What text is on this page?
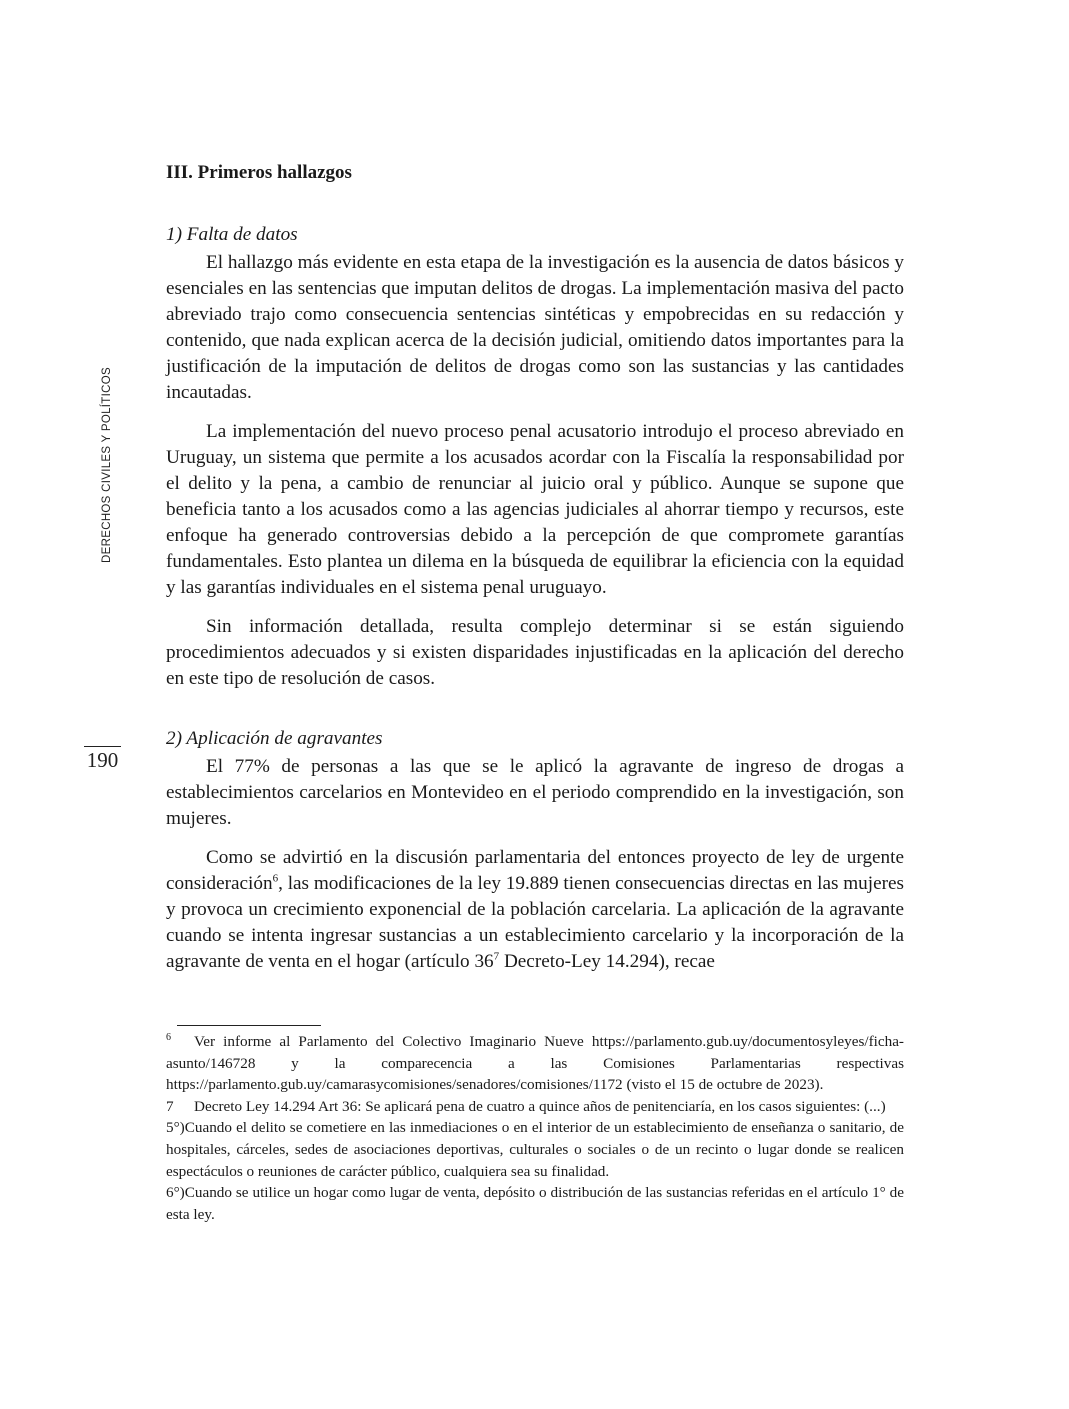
DERECHOS CIVILES Y POLÍTICOS
190

III. Primeros hallazgos

1) Falta de datos

El hallazgo más evidente en esta etapa de la investigación es la ausencia de datos básicos y esenciales en las sentencias que imputan delitos de drogas. La implementación masiva del pacto abreviado trajo como consecuencia sentencias sintéticas y empobrecidas en su redacción y contenido, que nada explican acerca de la decisión judicial, omitiendo datos importantes para la justificación de la imputación de delitos de drogas como son las sustancias y las cantidades incautadas.

La implementación del nuevo proceso penal acusatorio introdujo el proceso abreviado en Uruguay, un sistema que permite a los acusados acordar con la Fiscalía la responsabilidad por el delito y la pena, a cambio de renunciar al juicio oral y público. Aunque se supone que beneficia tanto a los acusados como a las agencias judiciales al ahorrar tiempo y recursos, este enfoque ha generado controversias debido a la percepción de que compromete garantías fundamentales. Esto plantea un dilema en la búsqueda de equilibrar la eficiencia con la equidad y las garantías individuales en el sistema penal uruguayo.

Sin información detallada, resulta complejo determinar si se están siguiendo procedimientos adecuados y si existen disparidades injustificadas en la aplicación del derecho en este tipo de resolución de casos.

2) Aplicación de agravantes

El 77% de personas a las que se le aplicó la agravante de ingreso de drogas a establecimientos carcelarios en Montevideo en el periodo comprendido en la investigación, son mujeres.

Como se advirtió en la discusión parlamentaria del entonces proyecto de ley de urgente consideración$^6$, las modificaciones de la ley 19.889 tienen consecuencias directas en las mujeres y provoca un crecimiento exponencial de la población carcelaria. La aplicación de la agravante cuando se intenta ingresar sustancias a un establecimiento carcelario y la incorporación de la agravante de venta en el hogar (artículo $36^7$ Decreto-Ley 14.294), recae

6 Ver informe al Parlamento del Colectivo Imaginario Nueve https://parlamento.gub.uy/documentosyleyes/ficha-asunto/146728 y la comparecencia a las Comisiones Parlamentarias respectivas https://parlamento.gub.uy/camarasycomisiones/senadores/comisiones/1172 (visto el 15 de octubre de 2023).

7 Decreto Ley 14.294 Art 36: Se aplicará pena de cuatro a quince años de penitenciaría, en los casos siguientes: (...)

5°)Cuando el delito se cometiere en las inmediaciones o en el interior de un establecimiento de enseñanza o sanitario, de hospitales, cárceles, sedes de asociaciones deportivas, culturales o sociales o de un recinto o lugar donde se realicen espectáculos o reuniones de carácter público, cualquiera sea su finalidad.

6°)Cuando se utilice un hogar como lugar de venta, depósito o distribución de las sustancias referidas en el artículo 1° de esta ley.
